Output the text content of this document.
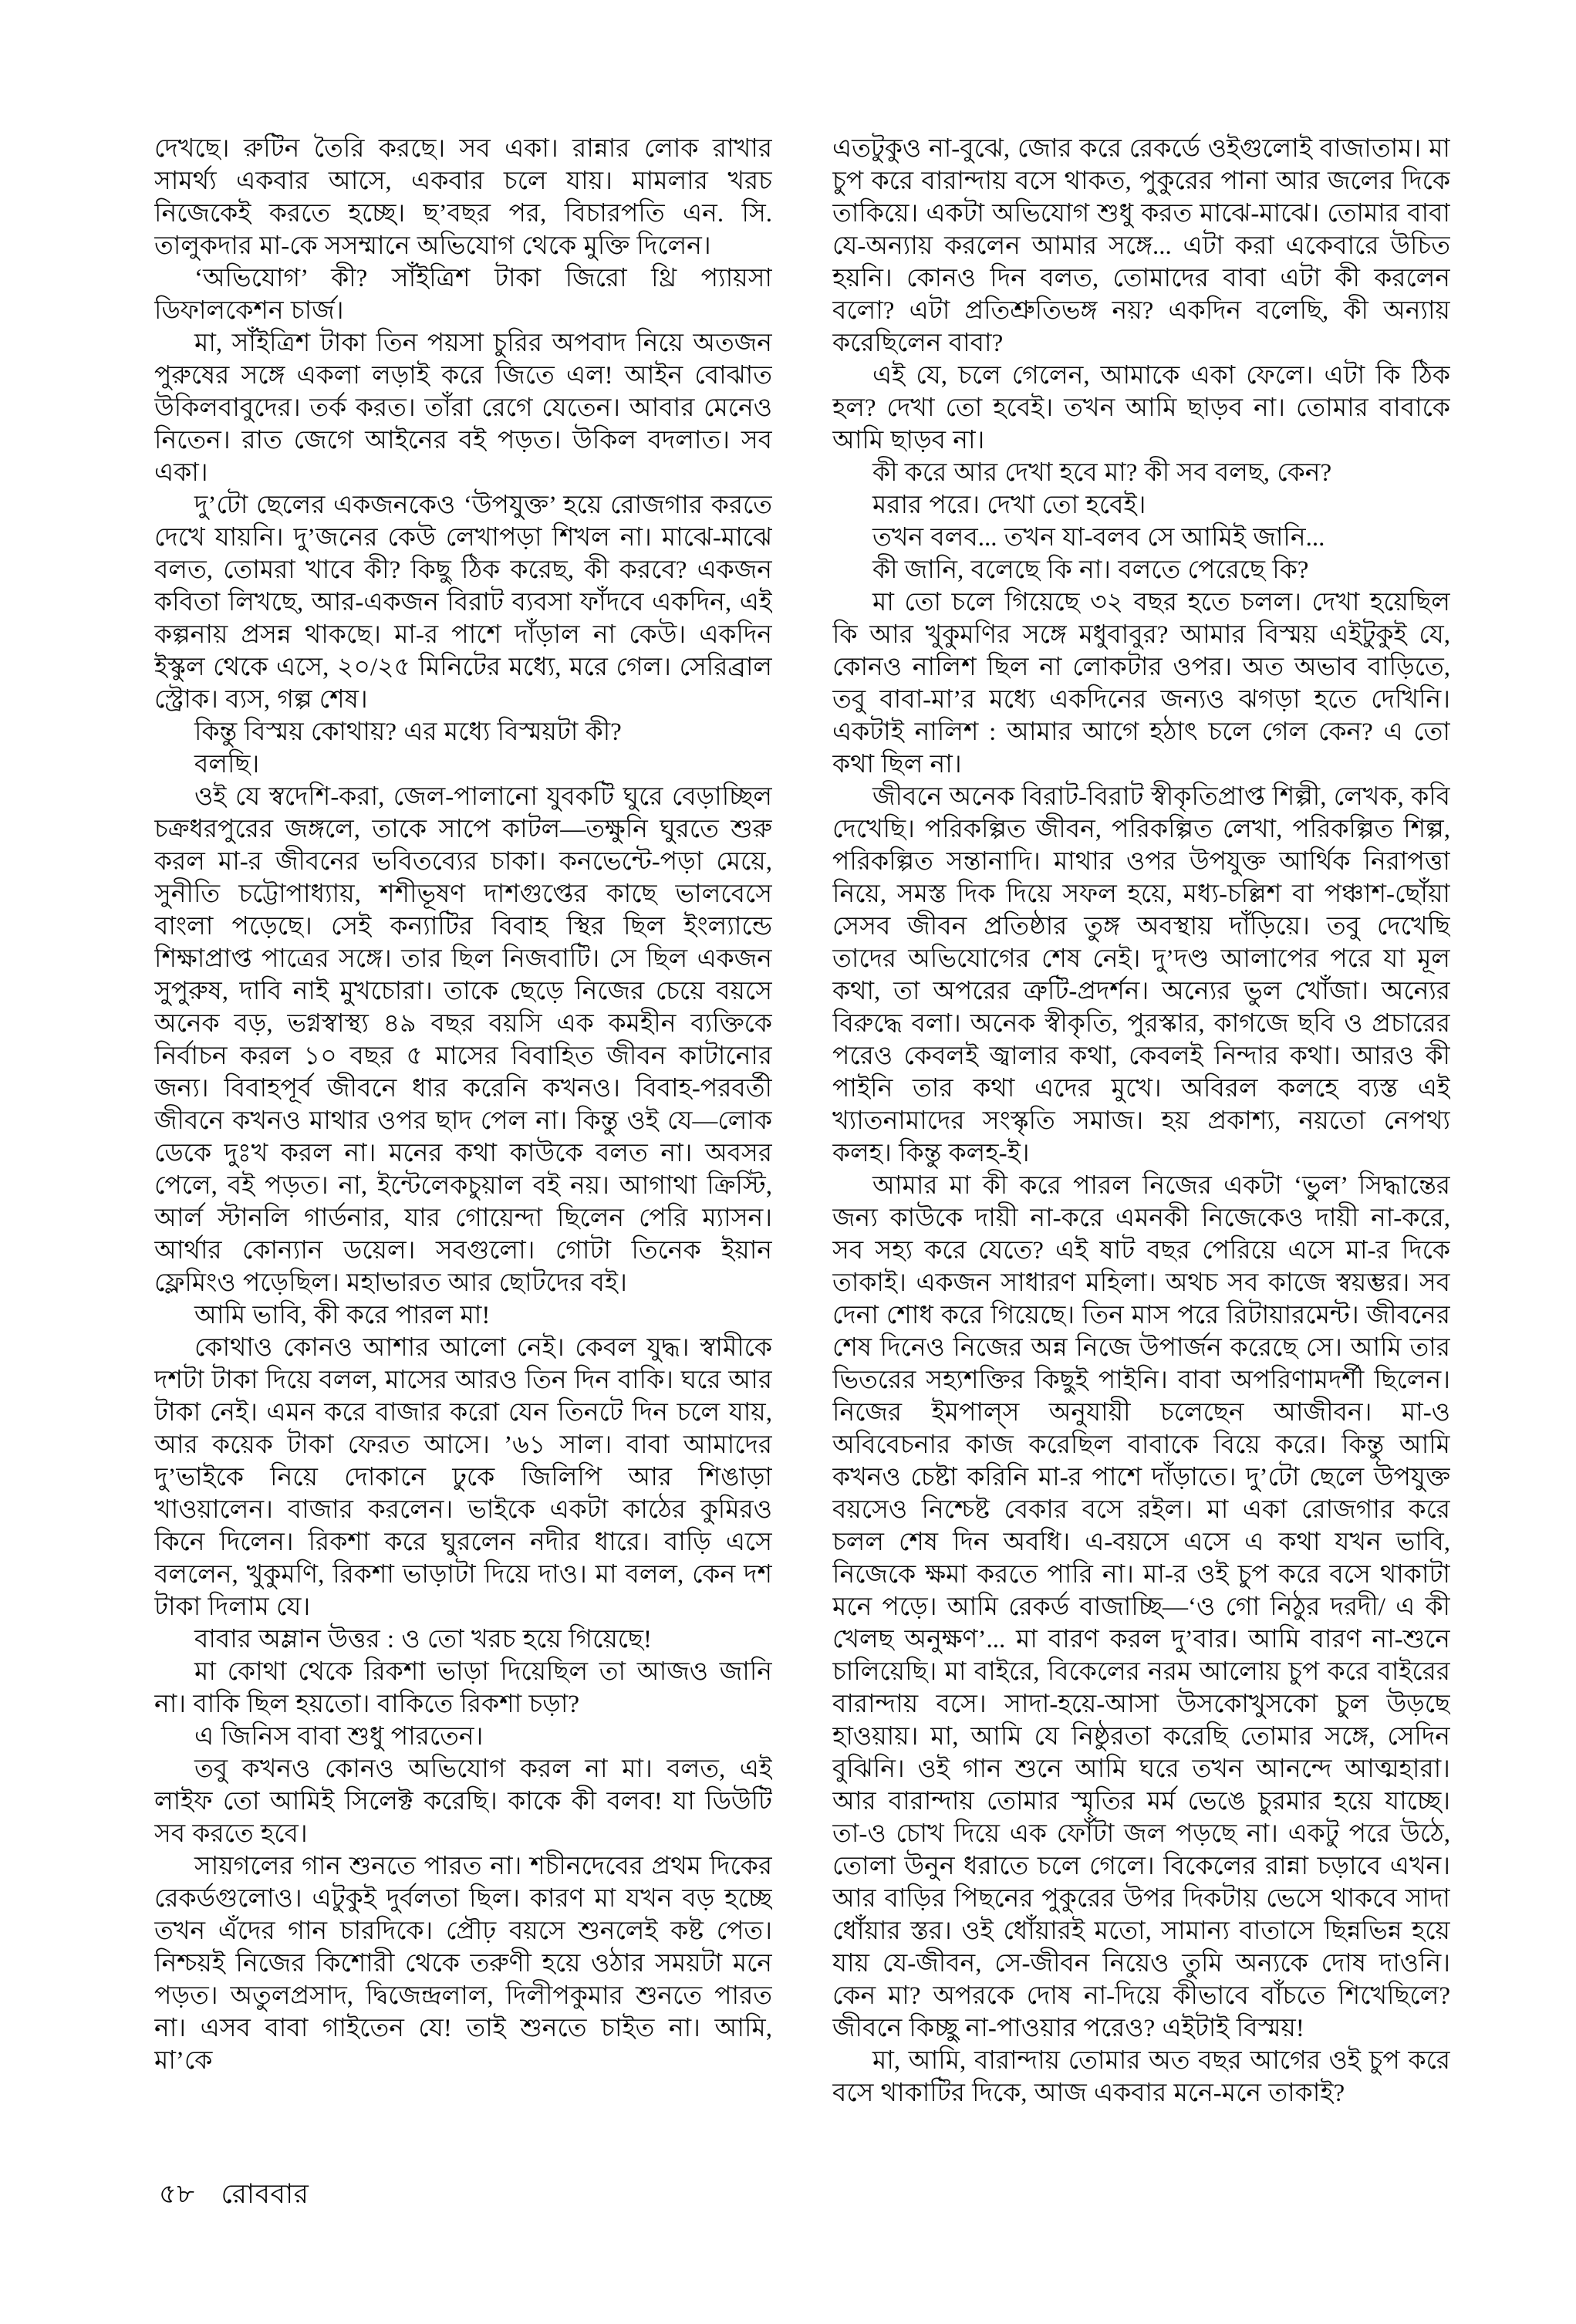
দেখছে। রুটিন তৈরি করছে। সব একা। রান্নার লোক রাখার সামর্থ্য একবার আসে, একবার চলে যায়। মামলার খরচ নিজেকেই করতে হচ্ছে। ছ’বছর পর, বিচারপতি এন. সি. তালুকদার মা-কে সসম্মানে অভিযোগ থেকে মুক্তি দিলেন।

‘অভিযোগ’ কী? সাঁইত্রিশ টাকা জিরো থ্রি প্যায়সা ডিফালকেশন চার্জ।

মা, সাঁইত্রিশ টাকা তিন পয়সা চুরির অপবাদ নিয়ে অতজন পুরুষের সঙ্গে একলা লড়াই করে জিতে এল! আইন বোঝাত উকিলবাবুদের। তর্ক করত। তাঁরা রেগে যেতেন। আবার মেনেও নিতেন। রাত জেগে আইনের বই পড়ত। উকিল বদলাত। সব একা।

দু’টো ছেলের একজনকেও ‘উপযুক্ত’ হয়ে রোজগার করতে দেখে যায়নি। দু’জনের কেউ লেখাপড়া শিখল না। মাঝে-মাঝে বলত, তোমরা খাবে কী? কিছু ঠিক করেছ, কী করবে? একজন কবিতা লিখছে, আর-একজন বিরাট ব্যবসা ফাঁদবে একদিন, এই কল্পনায় প্রসন্ন থাকছে। মা-র পাশে দাঁড়াল না কেউ। একদিন ইস্কুল থেকে এসে, ২০/২৫ মিনিটের মধ্যে, মরে গেল। সেরিব্রাল স্ট্রোক। ব্যস, গল্প শেষ।

কিন্তু বিস্ময় কোথায়? এর মধ্যে বিস্ময়টা কী?

বলছি।

ওই যে স্বদেশি-করা, জেল-পালানো যুবকটি ঘুরে বেড়াচ্ছিল চক্রধরপুরের জঙ্গলে, তাকে সাপে কাটল—তক্ষুনি ঘুরতে শুরু করল মা-র জীবনের ভবিতব্যের চাকা। কনভেন্টে-পড়া মেয়ে, সুনীতি চট্টোপাধ্যায়, শশীভূষণ দাশগুপ্তের কাছে ভালবেসে বাংলা পড়েছে। সেই কন্যাটির বিবাহ স্থির ছিল ইংল্যান্ডে শিক্ষাপ্রাপ্ত পাত্রের সঙ্গে। তার ছিল নিজবাটি। সে ছিল একজন সুপুরুষ, দাবি নাই মুখচোরা। তাকে ছেড়ে নিজের চেয়ে বয়সে অনেক বড়, ভগ্নস্বাস্থ্য ৪৯ বছর বয়সি এক কমহীন ব্যক্তিকে নির্বাচন করল ১০ বছর ৫ মাসের বিবাহিত জীবন কাটানোর জন্য। বিবাহপূর্ব জীবনে ধার করেনি কখনও। বিবাহ-পরবর্তী জীবনে কখনও মাথার ওপর ছাদ পেল না। কিন্তু ওই যে—লোক ডেকে দুঃখ করল না। মনের কথা কাউকে বলত না। অবসর পেলে, বই পড়ত। না, ইন্টেলেকচুয়াল বই নয়। আগাথা ক্রিস্টি, আর্ল স্টানলি গার্ডনার, যার গোয়েন্দা ছিলেন পেরি ম্যাসন। আর্থার কোন্যান ডয়েল। সবগুলো। গোটা তিনেক ইয়ান ফ্লেমিংও পড়েছিল। মহাভারত আর ছোটদের বই।

আমি ভাবি, কী করে পারল মা!

কোথাও কোনও আশার আলো নেই। কেবল যুদ্ধ। স্বামীকে দশটা টাকা দিয়ে বলল, মাসের আরও তিন দিন বাকি। ঘরে আর টাকা নেই। এমন করে বাজার করো যেন তিনটে দিন চলে যায়, আর কয়েক টাকা ফেরত আসে। ’৬১ সাল। বাবা আমাদের দু’ভাইকে নিয়ে দোকানে ঢুকে জিলিপি আর শিঙাড়া খাওয়ালেন। বাজার করলেন। ভাইকে একটা কাঠের কুমিরও কিনে দিলেন। রিকশা করে ঘুরলেন নদীর ধারে। বাড়ি এসে বললেন, খুকুমণি, রিকশা ভাড়াটা দিয়ে দাও। মা বলল, কেন দশ টাকা দিলাম যে।

বাবার অম্লান উত্তর : ও তো খরচ হয়ে গিয়েছে!

মা কোথা থেকে রিকশা ভাড়া দিয়েছিল তা আজও জানি না। বাকি ছিল হয়তো। বাকিতে রিকশা চড়া?

এ জিনিস বাবা শুধু পারতেন।

তবু কখনও কোনও অভিযোগ করল না মা। বলত, এই লাইফ তো আমিই সিলেক্ট করেছি। কাকে কী বলব! যা ডিউটি সব করতে হবে।

সায়গলের গান শুনতে পারত না। শচীনদেবের প্রথম দিকের রেকর্ডগুলোও। এটুকুই দুর্বলতা ছিল। কারণ মা যখন বড় হচ্ছে তখন এঁদের গান চারদিকে। প্রৌঢ় বয়সে শুনলেই কষ্ট পেত। নিশ্চয়ই নিজের কিশোরী থেকে তরুণী হয়ে ওঠার সময়টা মনে পড়ত। অতুলপ্রসাদ, দ্বিজেন্দ্রলাল, দিলীপকুমার শুনতে পারত না। এসব বাবা গাইতেন যে! তাই শুনতে চাইত না। আমি, মা’কে

এতটুকুও না-বুঝে, জোর করে রেকর্ডে ওইগুলোই বাজাতাম। মা চুপ করে বারান্দায় বসে থাকত, পুকুরের পানা আর জলের দিকে তাকিয়ে। একটা অভিযোগ শুধু করত মাঝে-মাঝে। তোমার বাবা যে-অন্যায় করলেন আমার সঙ্গে... এটা করা একেবারে উচিত হয়নি। কোনও দিন বলত, তোমাদের বাবা এটা কী করলেন বলো? এটা প্রতিশ্রুতিভঙ্গ নয়? একদিন বলেছি, কী অন্যায় করেছিলেন বাবা?

এই যে, চলে গেলেন, আমাকে একা ফেলে। এটা কি ঠিক হল? দেখা তো হবেই। তখন আমি ছাড়ব না। তোমার বাবাকে আমি ছাড়ব না।

কী করে আর দেখা হবে মা? কী সব বলছ, কেন?

মরার পরে। দেখা তো হবেই।

তখন বলব... তখন যা-বলব সে আমিই জানি...

কী জানি, বলেছে কি না। বলতে পেরেছে কি?

মা তো চলে গিয়েছে ৩২ বছর হতে চলল। দেখা হয়েছিল কি আর খুকুমণির সঙ্গে মধুবাবুর? আমার বিস্ময় এইটুকুই যে, কোনও নালিশ ছিল না লোকটার ওপর। অত অভাব বাড়িতে, তবু বাবা-মা’র মধ্যে একদিনের জন্যও ঝগড়া হতে দেখিনি। একটাই নালিশ : আমার আগে হঠাৎ চলে গেল কেন? এ তো কথা ছিল না।

জীবনে অনেক বিরাট-বিরাট স্বীকৃতিপ্রাপ্ত শিল্পী, লেখক, কবি দেখেছি। পরিকল্পিত জীবন, পরিকল্পিত লেখা, পরিকল্পিত শিল্প, পরিকল্পিত সন্তানাদি। মাথার ওপর উপযুক্ত আর্থিক নিরাপত্তা নিয়ে, সমস্ত দিক দিয়ে সফল হয়ে, মধ্য-চল্লিশ বা পঞ্চাশ-ছোঁয়া সেসব জীবন প্রতিষ্ঠার তুঙ্গ অবস্থায় দাঁড়িয়ে। তবু দেখেছি তাদের অভিযোগের শেষ নেই। দু’দণ্ড আলাপের পরে যা মূল কথা, তা অপরের ত্রুটি-প্রদর্শন। অন্যের ভুল খোঁজা। অন্যের বিরুদ্ধে বলা। অনেক স্বীকৃতি, পুরস্কার, কাগজে ছবি ও প্রচারের পরেও কেবলই জ্বালার কথা, কেবলই নিন্দার কথা। আরও কী পাইনি তার কথা এদের মুখে। অবিরল কলহে ব্যস্ত এই খ্যাতনামাদের সংস্কৃতি সমাজ। হয় প্রকাশ্য, নয়তো নেপথ্য কলহ। কিন্তু কলহ-ই।

আমার মা কী করে পারল নিজের একটা ‘ভুল’ সিদ্ধান্তের জন্য কাউকে দায়ী না-করে এমনকী নিজেকেও দায়ী না-করে, সব সহ্য করে যেতে? এই ষাট বছর পেরিয়ে এসে মা-র দিকে তাকাই। একজন সাধারণ মহিলা। অথচ সব কাজে স্বয়ম্ভর। সব দেনা শোধ করে গিয়েছে। তিন মাস পরে রিটায়ারমেন্ট। জীবনের শেষ দিনেও নিজের অন্ন নিজে উপার্জন করেছে সে। আমি তার ভিতরের সহ্যশক্তির কিছুই পাইনি। বাবা অপরিণামদর্শী ছিলেন। নিজের ইমপাল্‌স অনুযায়ী চলেছেন আজীবন। মা-ও অবিবেচনার কাজ করেছিল বাবাকে বিয়ে করে। কিন্তু আমি কখনও চেষ্টা করিনি মা-র পাশে দাঁড়াতে। দু’টো ছেলে উপযুক্ত বয়সেও নিশ্চেষ্ট বেকার বসে রইল। মা একা রোজগার করে চলল শেষ দিন অবধি। এ-বয়সে এসে এ কথা যখন ভাবি, নিজেকে ক্ষমা করতে পারি না। মা-র ওই চুপ করে বসে থাকাটা মনে পড়ে। আমি রেকর্ড বাজাচ্ছি—‘ও গো নিঠুর দরদী/ এ কী খেলছ অনুক্ষণ’... মা বারণ করল দু’বার। আমি বারণ না-শুনে চালিয়েছি। মা বাইরে, বিকেলের নরম আলোয় চুপ করে বাইরের বারান্দায় বসে। সাদা-হয়ে-আসা উসকোখুসকো চুল উড়ছে হাওয়ায়। মা, আমি যে নিষ্ঠুরতা করেছি তোমার সঙ্গে, সেদিন বুঝিনি। ওই গান শুনে আমি ঘরে তখন আনন্দে আত্মহারা। আর বারান্দায় তোমার স্মৃতির মর্ম ভেঙে চুরমার হয়ে যাচ্ছে। তা-ও চোখ দিয়ে এক ফোঁটা জল পড়ছে না। একটু পরে উঠে, তোলা উনুন ধরাতে চলে গেলে। বিকেলের রান্না চড়াবে এখন। আর বাড়ির পিছনের পুকুরের উপর দিকটায় ভেসে থাকবে সাদা ধোঁয়ার স্তর। ওই ধোঁয়ারই মতো, সামান্য বাতাসে ছিন্নভিন্ন হয়ে যায় যে-জীবন, সে-জীবন নিয়েও তুমি অন্যকে দোষ দাওনি। কেন মা? অপরকে দোষ না-দিয়ে কীভাবে বাঁচতে শিখেছিলে? জীবনে কিচ্ছু না-পাওয়ার পরেও? এইটাই বিস্ময়!

মা, আমি, বারান্দায় তোমার অত বছর আগের ওই চুপ করে বসে থাকাটির দিকে, আজ একবার মনে-মনে তাকাই?

৫৮ রোববার
